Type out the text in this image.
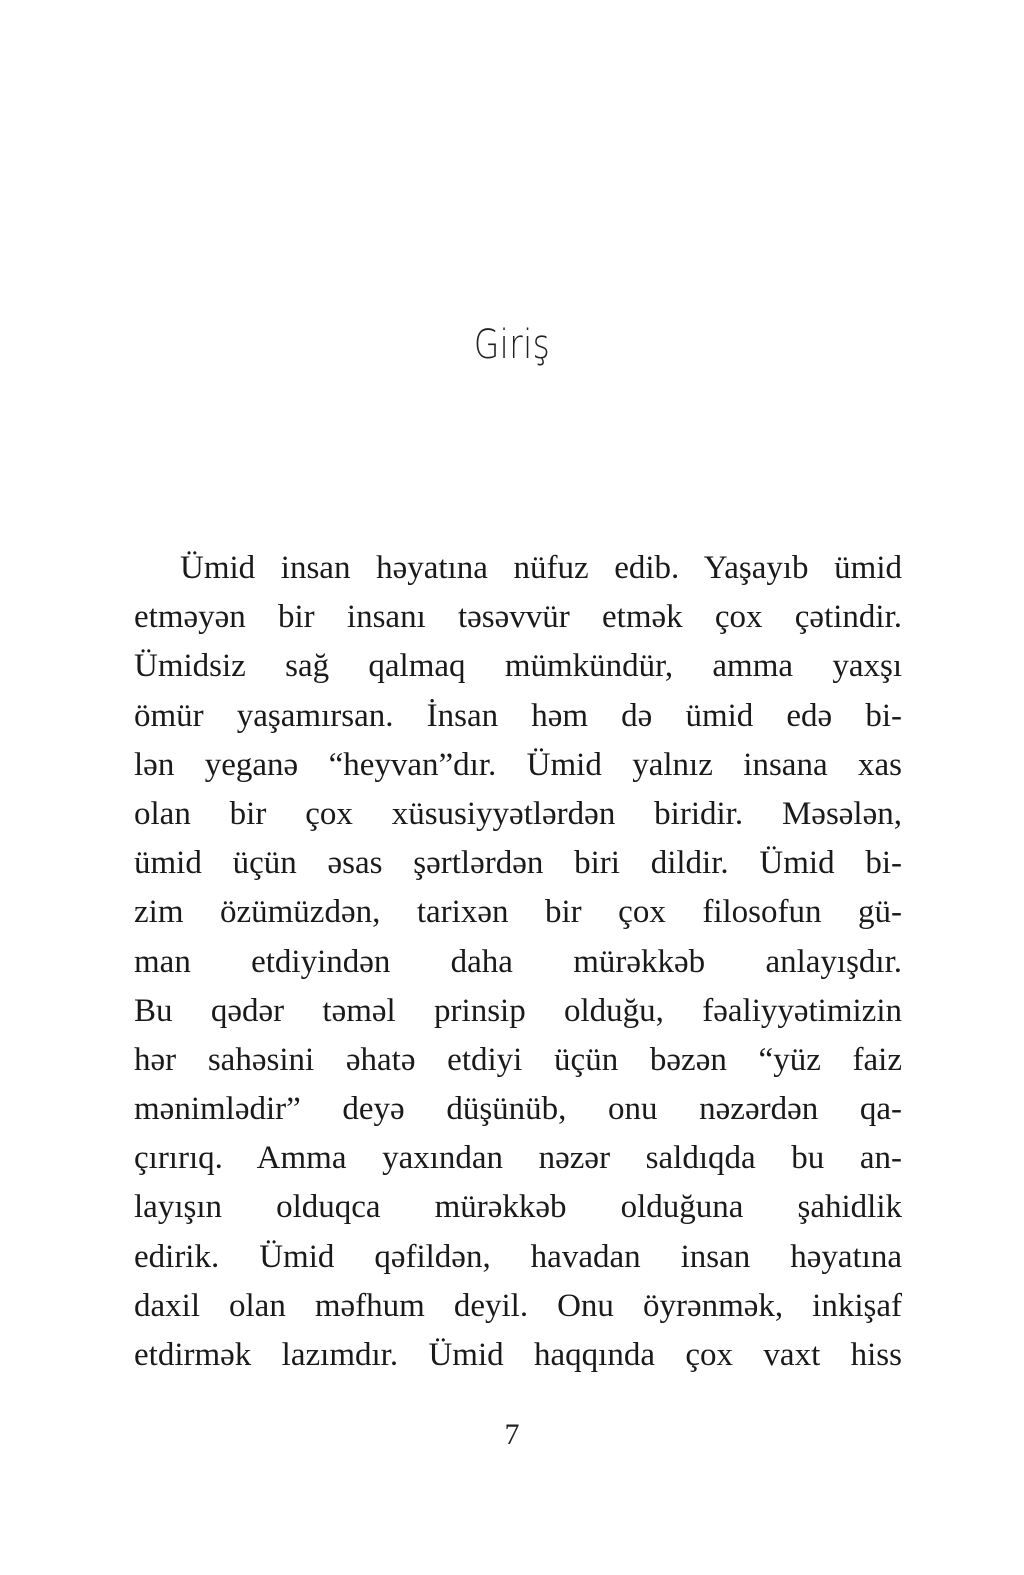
Giriş
Ümid insan həyatına nüfuz edib. Yaşayıb ümid
etməyən bir insanı təsəvvür etmək çox çətindir.
Ümidsiz sağ qalmaq mümkündür, amma yaxşı
ömür yaşamırsan. İnsan həm də ümid edə bi-
lən yeganə “heyvan”dır. Ümid yalnız insana xas
olan bir çox xüsusiyyətlərdən biridir. Məsələn,
ümid üçün əsas şərtlərdən biri dildir. Ümid bi-
zim özümüzdən, tarixən bir çox filosofun gü-
man etdiyindən daha mürəkkəb anlayışdır.
Bu qədər təməl prinsip olduğu, fəaliyyətimizin
hər sahəsini əhatə etdiyi üçün bəzən “yüz faiz
mənimlədir” deyə düşünüb, onu nəzərdən qa-
çırırıq. Amma yaxından nəzər saldıqda bu an-
layışın olduqca mürəkkəb olduğuna şahidlik
edirik. Ümid qəfildən, havadan insan həyatına
daxil olan məfhum deyil. Onu öyrənmək, inkişaf
etdirmək lazımdır. Ümid haqqında çox vaxt hiss
7
